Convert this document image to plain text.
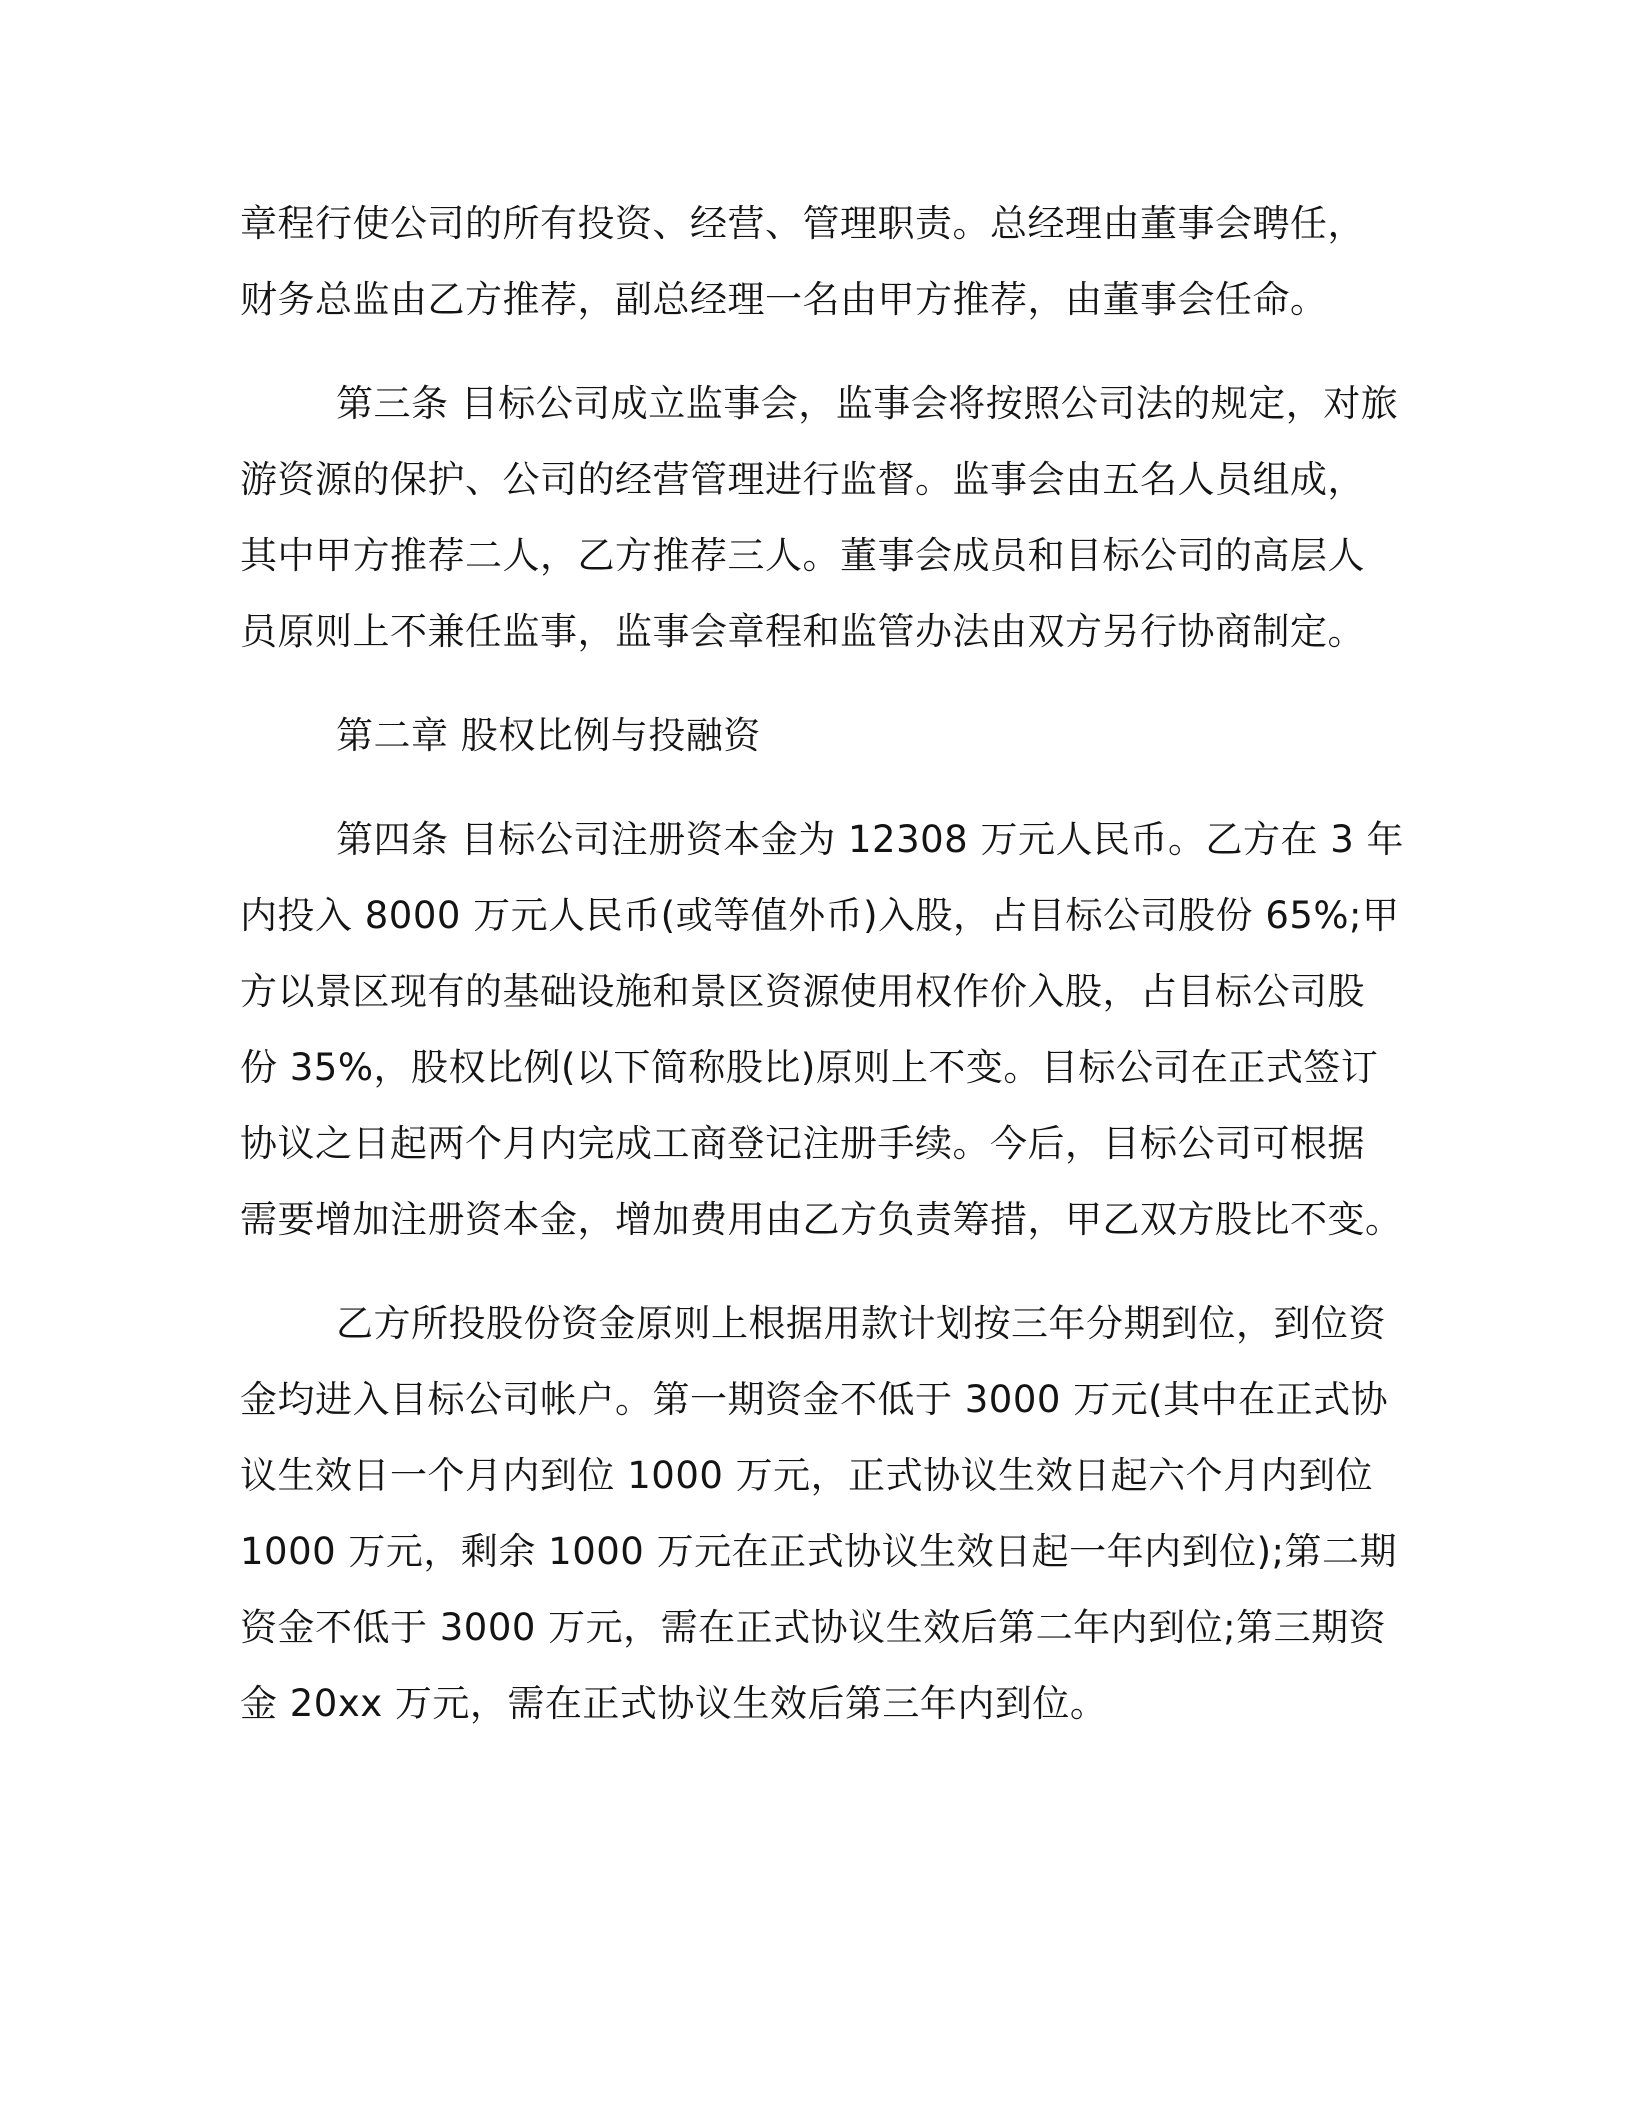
章程行使公司的所有投资、经营、管理职责。总经理由董事会聘任，
财务总监由乙方推荐，副总经理一名由甲方推荐，由董事会任命。
第三条 目标公司成立监事会，监事会将按照公司法的规定，对旅
游资源的保护、公司的经营管理进行监督。监事会由五名人员组成，
其中甲方推荐二人，乙方推荐三人。董事会成员和目标公司的高层人
员原则上不兼任监事，监事会章程和监管办法由双方另行协商制定。
第二章 股权比例与投融资
第四条 目标公司注册资本金为 12308 万元人民币。乙方在 3 年
内投入 8000 万元人民币(或等值外币)入股，占目标公司股份 65%;甲
方以景区现有的基础设施和景区资源使用权作价入股，占目标公司股
份 35%，股权比例(以下简称股比)原则上不变。目标公司在正式签订
协议之日起两个月内完成工商登记注册手续。今后，目标公司可根据
需要增加注册资本金，增加费用由乙方负责筹措，甲乙双方股比不变。
乙方所投股份资金原则上根据用款计划按三年分期到位，到位资
金均进入目标公司帐户。第一期资金不低于 3000 万元(其中在正式协
议生效日一个月内到位 1000 万元，正式协议生效日起六个月内到位
1000 万元，剩余 1000 万元在正式协议生效日起一年内到位);第二期
资金不低于 3000 万元，需在正式协议生效后第二年内到位;第三期资
金 20xx 万元，需在正式协议生效后第三年内到位。
